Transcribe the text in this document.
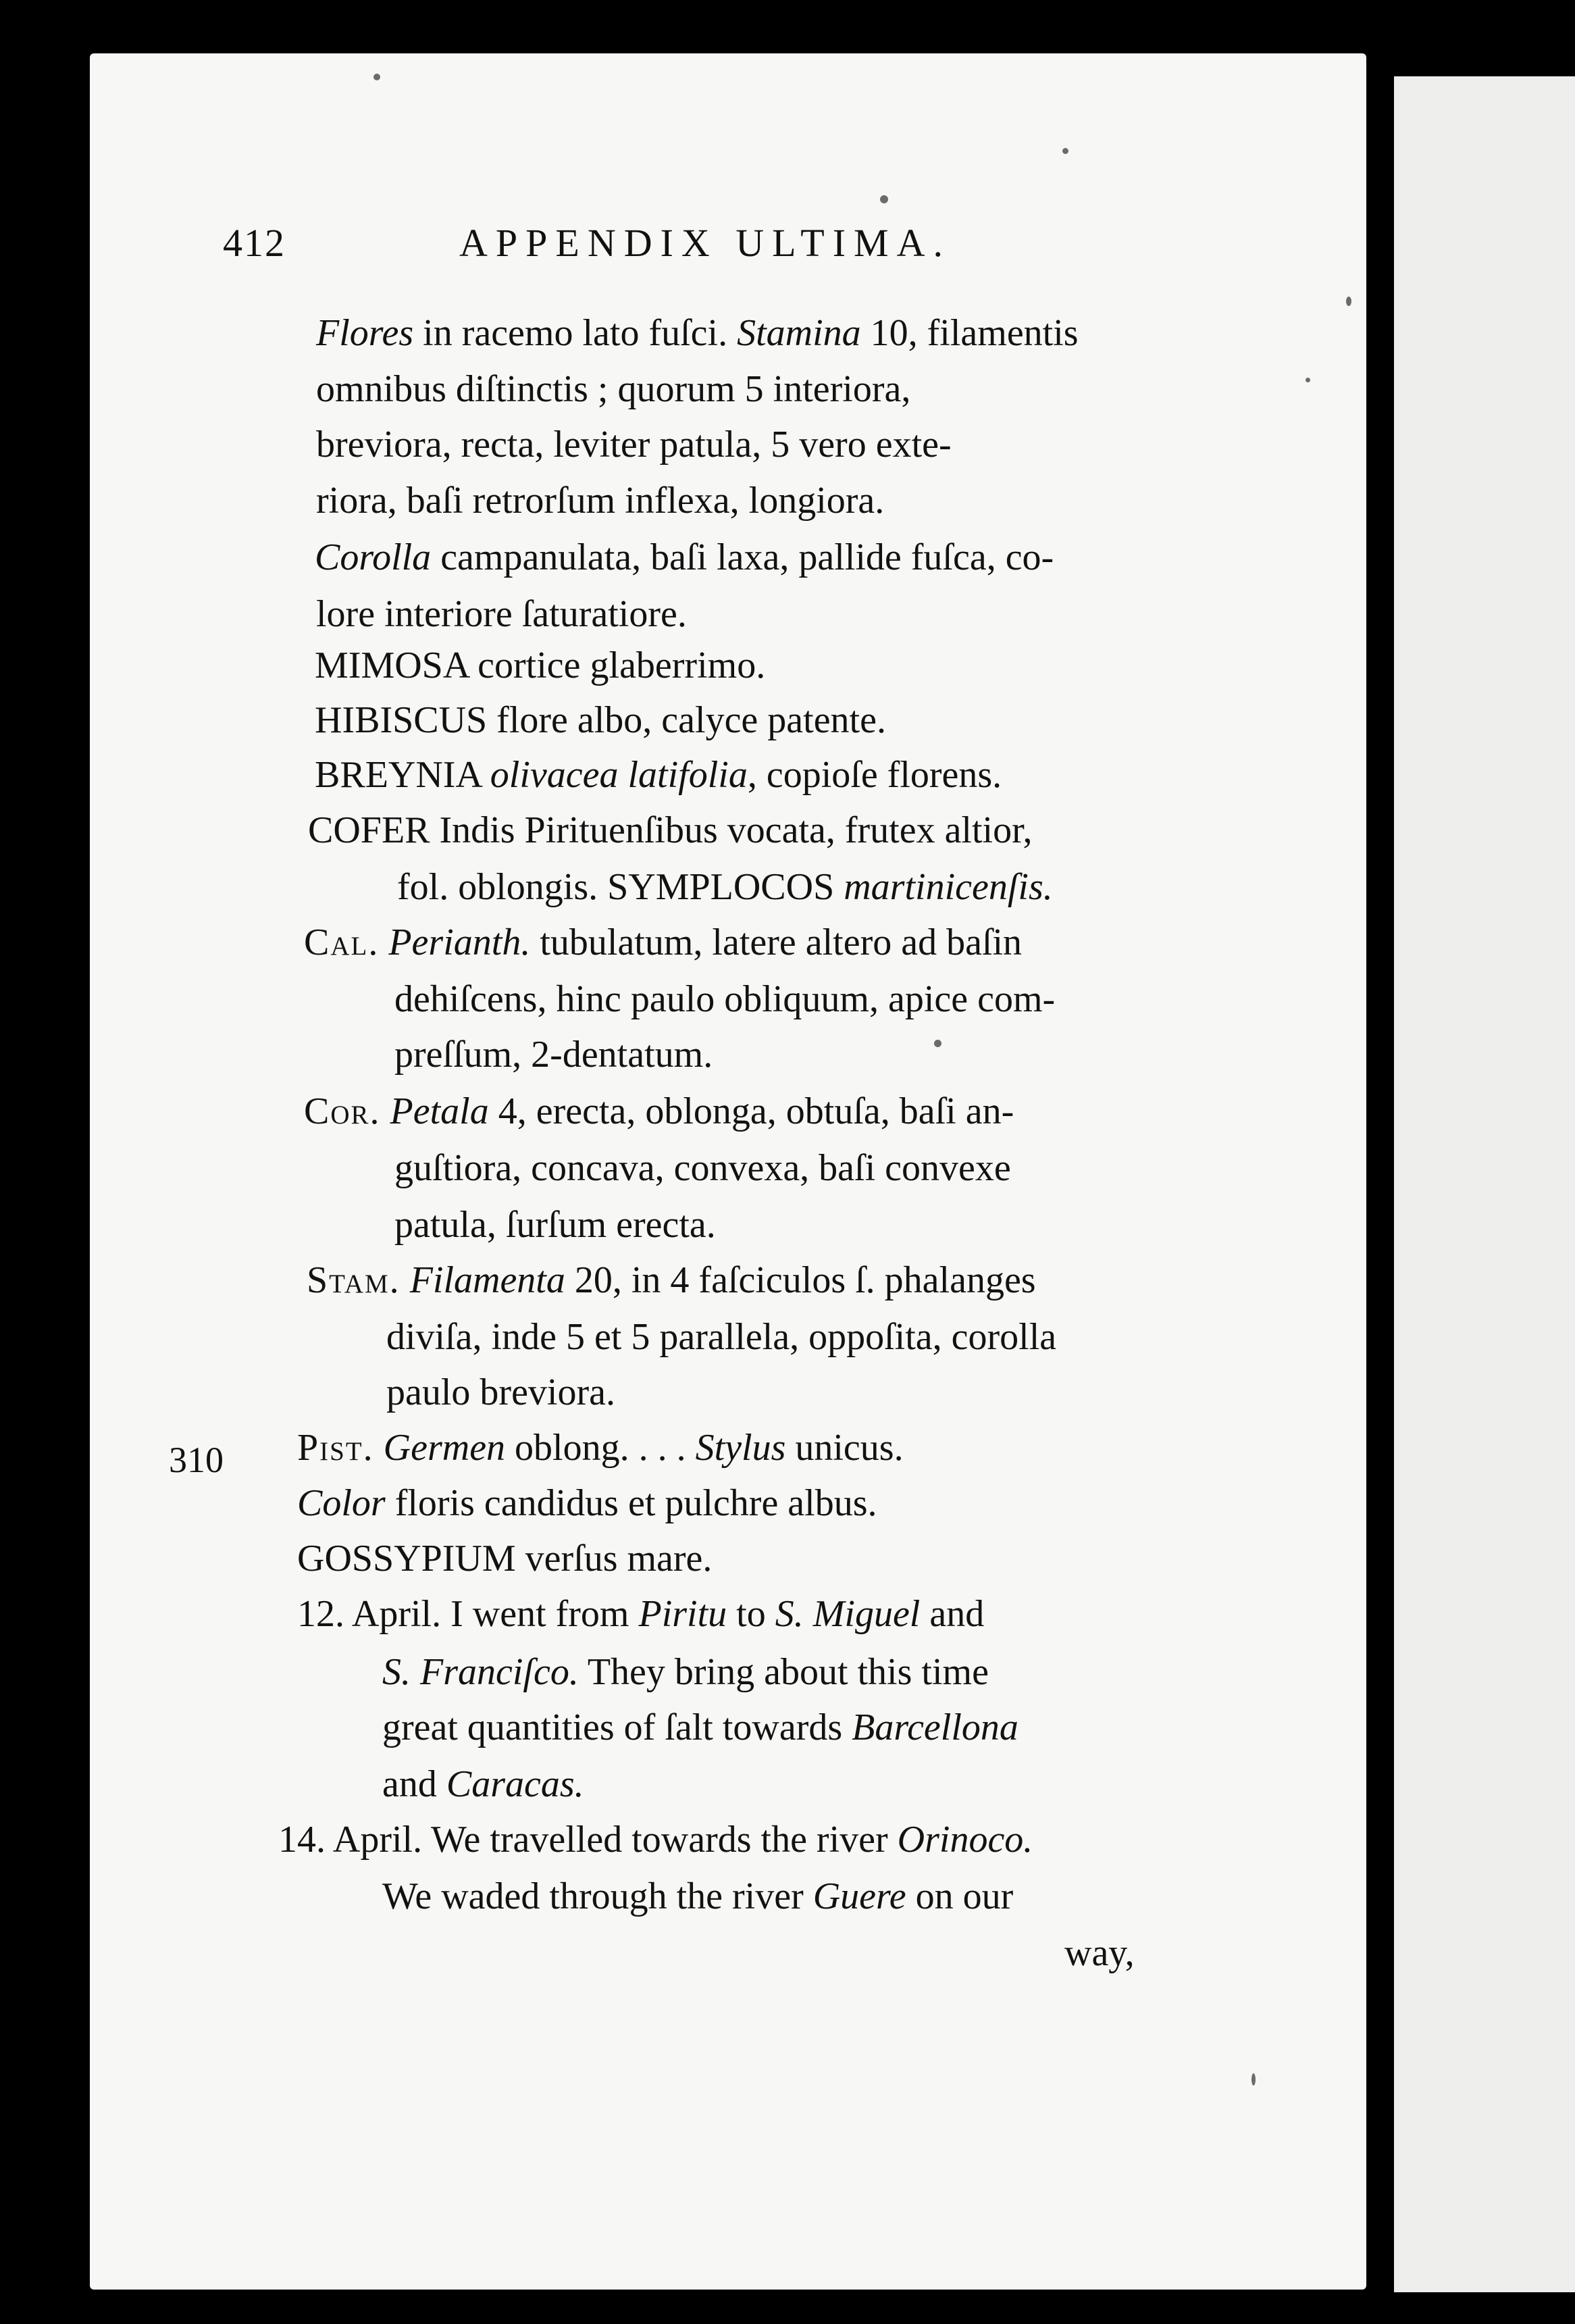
412	APPENDIX ULTIMA.
310
Flores in racemo lato fuſci. Stamina 10, filamentis
omnibus diſtinctis ; quorum 5 interiora,
breviora, recta, leviter patula, 5 vero exte-
riora, baſi retrorſum inflexa, longiora.
Corolla campanulata, baſi laxa, pallide fuſca, co-
lore interiore ſaturatiore.
MIMOSA cortice glaberrimo.
HIBISCUS flore albo, calyce patente.
BREYNIA olivacea latifolia, copioſe florens.
COFER Indis Pirituenſibus vocata, frutex altior,
fol. oblongis. SYMPLOCOS martinicenſis.
Cal. Perianth. tubulatum, latere altero ad baſin
dehiſcens, hinc paulo obliquum, apice com-
preſſum, 2-dentatum.
Cor. Petala 4, erecta, oblonga, obtuſa, baſi an-
guſtiora, concava, convexa, baſi convexe
patula, ſurſum erecta.
Stam. Filamenta 20, in 4 faſciculos ſ. phalanges
diviſa, inde 5 et 5 parallela, oppoſita, corolla
paulo breviora.
Pist. Germen oblong. . . . Stylus unicus.
Color floris candidus et pulchre albus.
GOSSYPIUM verſus mare.
12. April. I went from Piritu to S. Miguel and
S. Franciſco. They bring about this time
great quantities of ſalt towards Barcellona
and Caracas.
14. April. We travelled towards the river Orinoco.
We waded through the river Guere on our
way,
